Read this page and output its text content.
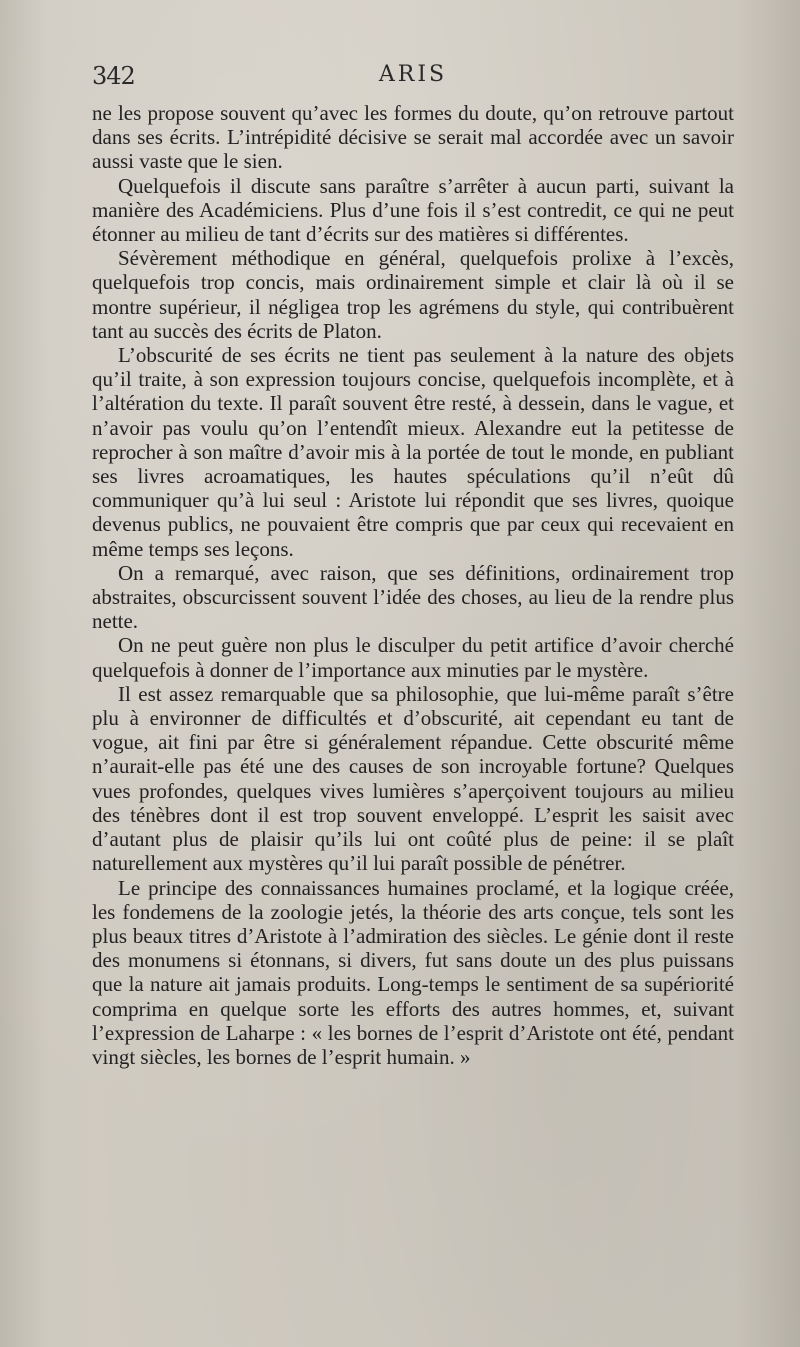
342	ARIS

ne les propose souvent qu’avec les formes du doute, qu’on retrouve partout dans ses écrits. L’intrépidité décisive se serait mal accordée avec un savoir aussi vaste que le sien.

Quelquefois il discute sans paraître s’arrêter à aucun parti, suivant la manière des Académiciens. Plus d’une fois il s’est contredit, ce qui ne peut étonner au milieu de tant d’écrits sur des matières si différentes.

Sévèrement méthodique en général, quelquefois prolixe à l’excès, quelquefois trop concis, mais ordinairement simple et clair là où il se montre supérieur, il négligea trop les agrémens du style, qui contribuèrent tant au succès des écrits de Platon.

L’obscurité de ses écrits ne tient pas seulement à la nature des objets qu’il traite, à son expression toujours concise, quelquefois incomplète, et à l’altération du texte. Il paraît souvent être resté, à dessein, dans le vague, et n’avoir pas voulu qu’on l’entendît mieux. Alexandre eut la petitesse de reprocher à son maître d’avoir mis à la portée de tout le monde, en publiant ses livres acroamatiques, les hautes spéculations qu’il n’eût dû communiquer qu’à lui seul : Aristote lui répondit que ses livres, quoique devenus publics, ne pouvaient être compris que par ceux qui recevaient en même temps ses leçons.

On a remarqué, avec raison, que ses définitions, ordinairement trop abstraites, obscurcissent souvent l’idée des choses, au lieu de la rendre plus nette.

On ne peut guère non plus le disculper du petit artifice d’avoir cherché quelquefois à donner de l’importance aux minuties par le mystère.

Il est assez remarquable que sa philosophie, que lui-même paraît s’être plu à environner de difficultés et d’obscurité, ait cependant eu tant de vogue, ait fini par être si généralement répandue. Cette obscurité même n’aurait-elle pas été une des causes de son incroyable fortune? Quelques vues profondes, quelques vives lumières s’aperçoivent toujours au milieu des ténèbres dont il est trop souvent enveloppé. L’esprit les saisit avec d’autant plus de plaisir qu’ils lui ont coûté plus de peine: il se plaît naturellement aux mystères qu’il lui paraît possible de pénétrer.

Le principe des connaissances humaines proclamé, et la logique créée, les fondemens de la zoologie jetés, la théorie des arts conçue, tels sont les plus beaux titres d’Aristote à l’admiration des siècles. Le génie dont il reste des monumens si étonnans, si divers, fut sans doute un des plus puissans que la nature ait jamais produits. Long-temps le sentiment de sa supériorité comprima en quelque sorte les efforts des autres hommes, et, suivant l’expression de Laharpe : « les bornes de l’esprit d’Aristote ont été, pendant vingt siècles, les bornes de l’esprit humain. »
